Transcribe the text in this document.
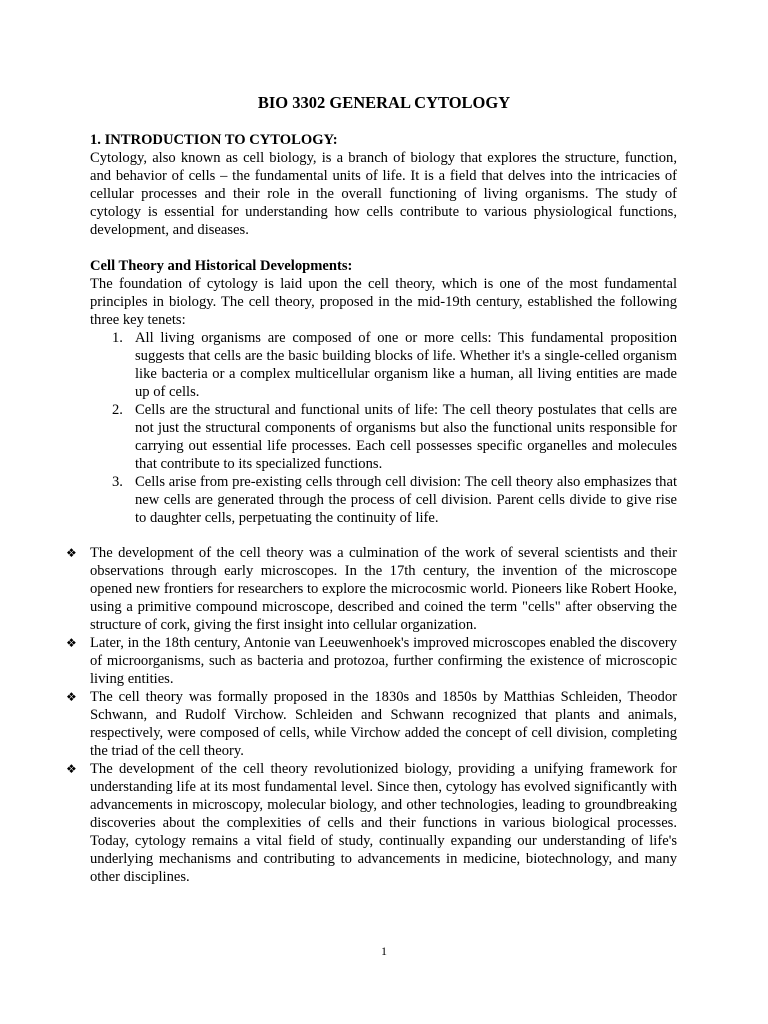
BIO 3302 GENERAL CYTOLOGY

1. INTRODUCTION TO CYTOLOGY:

Cytology, also known as cell biology, is a branch of biology that explores the structure, function, and behavior of cells – the fundamental units of life. It is a field that delves into the intricacies of cellular processes and their role in the overall functioning of living organisms. The study of cytology is essential for understanding how cells contribute to various physiological functions, development, and diseases.

Cell Theory and Historical Developments:

The foundation of cytology is laid upon the cell theory, which is one of the most fundamental principles in biology. The cell theory, proposed in the mid-19th century, established the following three key tenets:

1. All living organisms are composed of one or more cells: This fundamental proposition suggests that cells are the basic building blocks of life. Whether it's a single-celled organism like bacteria or a complex multicellular organism like a human, all living entities are made up of cells.
2. Cells are the structural and functional units of life: The cell theory postulates that cells are not just the structural components of organisms but also the functional units responsible for carrying out essential life processes. Each cell possesses specific organelles and molecules that contribute to its specialized functions.
3. Cells arise from pre-existing cells through cell division: The cell theory also emphasizes that new cells are generated through the process of cell division. Parent cells divide to give rise to daughter cells, perpetuating the continuity of life.
❖ The development of the cell theory was a culmination of the work of several scientists and their observations through early microscopes. In the 17th century, the invention of the microscope opened new frontiers for researchers to explore the microcosmic world. Pioneers like Robert Hooke, using a primitive compound microscope, described and coined the term "cells" after observing the structure of cork, giving the first insight into cellular organization.
❖ Later, in the 18th century, Antonie van Leeuwenhoek's improved microscopes enabled the discovery of microorganisms, such as bacteria and protozoa, further confirming the existence of microscopic living entities.
❖ The cell theory was formally proposed in the 1830s and 1850s by Matthias Schleiden, Theodor Schwann, and Rudolf Virchow. Schleiden and Schwann recognized that plants and animals, respectively, were composed of cells, while Virchow added the concept of cell division, completing the triad of the cell theory.
❖ The development of the cell theory revolutionized biology, providing a unifying framework for understanding life at its most fundamental level. Since then, cytology has evolved significantly with advancements in microscopy, molecular biology, and other technologies, leading to groundbreaking discoveries about the complexities of cells and their functions in various biological processes. Today, cytology remains a vital field of study, continually expanding our understanding of life's underlying mechanisms and contributing to advancements in medicine, biotechnology, and many other disciplines.
1
